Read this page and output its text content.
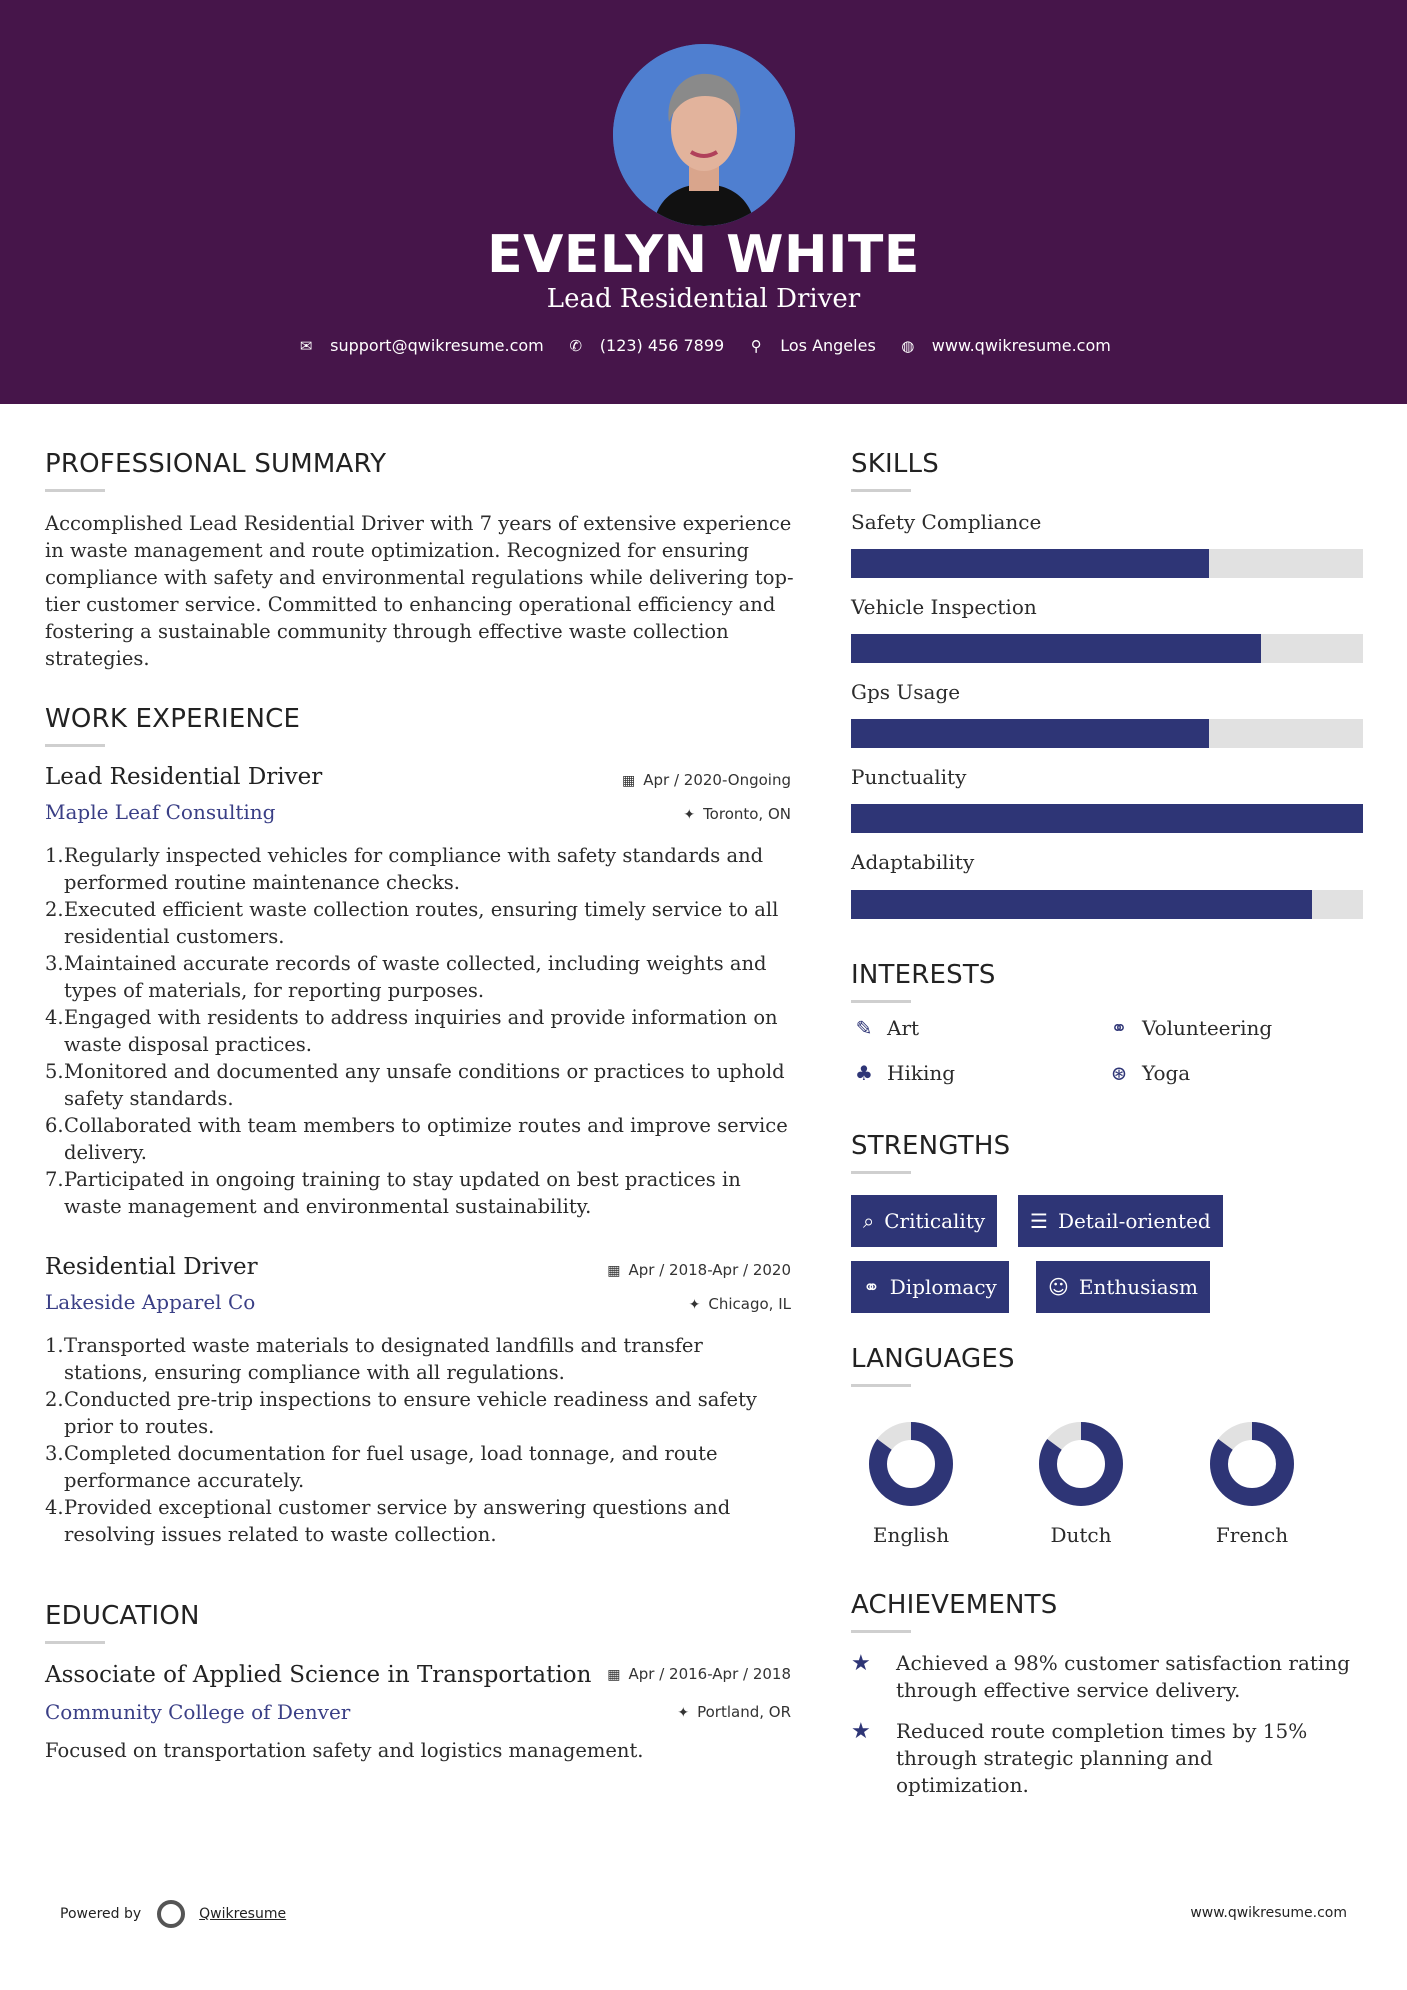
EVELYN WHITE
Lead Residential Driver
✉ support@qwikresume.com ✆ (123) 456 7899	⚲ Los Angeles ◍ www.qwikresume.com
PROFESSIONAL SUMMARY
Accomplished Lead Residential Driver with 7 years of extensive experience in waste management and route optimization. Recognized for ensuring compliance with safety and environmental regulations while delivering top-tier customer service. Committed to enhancing operational efficiency and fostering a sustainable community through effective waste collection strategies.
WORK EXPERIENCE
Lead Residential Driver	▦ Apr / 2020-Ongoing
Maple Leaf Consulting	✦ Toronto, ON
1. Regularly inspected vehicles for compliance with safety standards and performed routine maintenance checks.
2. Executed efficient waste collection routes, ensuring timely service to all residential customers.
3. Maintained accurate records of waste collected, including weights and types of materials, for reporting purposes.
4. Engaged with residents to address inquiries and provide information on waste disposal practices.
5. Monitored and documented any unsafe conditions or practices to uphold safety standards.
6. Collaborated with team members to optimize routes and improve service delivery.
7. Participated in ongoing training to stay updated on best practices in waste management and environmental sustainability.
Residential Driver	▦ Apr / 2018-Apr / 2020
Lakeside Apparel Co	✦ Chicago, IL
1. Transported waste materials to designated landfills and transfer stations, ensuring compliance with all regulations.
2. Conducted pre-trip inspections to ensure vehicle readiness and safety prior to routes.
3. Completed documentation for fuel usage, load tonnage, and route performance accurately.
4. Provided exceptional customer service by answering questions and resolving issues related to waste collection.
EDUCATION
Associate of Applied Science in Transportation ▦ Apr / 2016-Apr / 2018
Community College of Denver	✦ Portland, OR
Focused on transportation safety and logistics management.
SKILLS
Safety Compliance
Vehicle Inspection
Gps Usage
Punctuality
Adaptability
INTERESTS
✎ Art	⚭ Volunteering
♣ Hiking	⊛ Yoga
STRENGTHS
⌕ Criticality ☰ Detail-oriented
⚭ Diplomacy	☺ Enthusiasm
LANGUAGES
English	Dutch	French
ACHIEVEMENTS
★	Achieved a 98% customer satisfaction rating through effective service delivery.
★	Reduced route completion times by 15% through strategic planning and optimization.
Powered by	Qwikresume	www.qwikresume.com
